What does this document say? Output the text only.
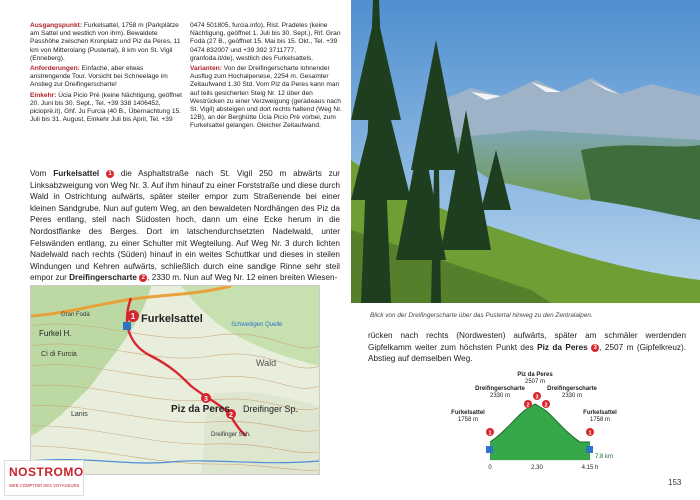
Ausgangspunkt: Furkelsattel, 1758 m (Parkplätze am Sattel und westlich von ihm). Bewaldete Passhöhe zwischen Kronplatz und Piz da Peres, 11 km von Mitterolang (Pustertal), 8 km von St. Vigil (Enneberg).

Anforderungen: Einfache, aber etwas anstrengende Tour. Vorsicht bei Schneelage im Anstieg zur Dreifingerscharte!

Einkehr: Úcia Picio Prè (keine Nächtigung, geöffnet 20. Juni bis 30. Sept., Tel. +39 338 1406452, picioprè.it), Ghf. Ju Furcia (40 B., Übernachtung 15. Juli bis 31. August, Einkehr Juli bis April, Tel. +39 0474 501805, furcia.info), Rist. Pradeles (keine Nächtigung, geöffnet 1. Juli bis 30. Sept.), Rif. Gran Fodà (27 B., geöffnet 15. Mai bis 15. Okt., Tel. +39 0474 832007 und +39 392 3711777, granfoda.it/de), westlich des Furkelsattels.

Varianten: Von der Dreifingerscharte lohnender Ausflug zum Hochalpenese, 2254 m. Gesamter Zeitaufwand 1.30 Std. Vom Piz da Peres kann man auf teils gesicherten Steig Nr. 12 über den Westrücken zu einer Verzweigung (geradeaus nach St. Vigil) absteigen und dort rechts haltend (Weg Nr. 12B), an der Berghütte Úcia Picio Prè vorbei, zum Furkelsattel gelangen. Gleicher Zeitaufwand.

Vom Furkelsattel 1 die Asphaltstraße nach St. Vigil 250 m abwärts zur Linksabzweigung von Weg Nr. 3. Auf ihm hinauf zu einer Forststraße und diese durch Wald in Ostrichtung aufwärts, später steiler empor zum Straßenende bei einer kleinen Sandgrube. Nun auf gutem Weg, an den bewaldeten Nordhängen des Piz da Peres entlang, steil nach Südosten hoch, dann um eine Ecke herum in die Nordostflanke des Berges. Dort im latschendurchsetzten Nadelwald, unter Felswänden entlang, zu einer Schulter mit Wegteilung. Auf Weg Nr. 3 durch lichten Nadelwald nach rechts (Süden) hinauf in ein weites Schuttkar und dieses in steilen Windungen und Kehren aufwärts, schließlich durch eine sandige Rinne sehr steil empor zur Dreifingerscharte 2 , 2330 m. Nun auf Weg Nr. 12 einen breiten Wiesen-
1
2
3
Furkelsattel
Furkel H.
Cì di Furcia
Piz da Peres Dreifinger Sp.
Gran Fodà
Wald
Schweitigen Quelle
Lanis
Dreifinger Sch.
Blick von der Dreifingerscharte über das Pustertal hinweg zu den Zentralalpen.
rücken nach rechts (Nordwesten) aufwärts, später am schmäler werdenden Gipfelkamm weiter zum höchsten Punkt des Piz da Peres 3 , 2507 m (Gipfelkreuz). Abstieg auf demselben Weg.
Piz da Peres
2507 m
Dreifingerscharte
2330 m
Dreifingerscharte
2330 m
Furkelsattel
1758 m
Furkelsattel
1758 m
1
2
3
2
1
7.8 km
0	2.30	4.15 h
153
NOSTROMO
WEB COMPTOIR DES VOYAGEURS
